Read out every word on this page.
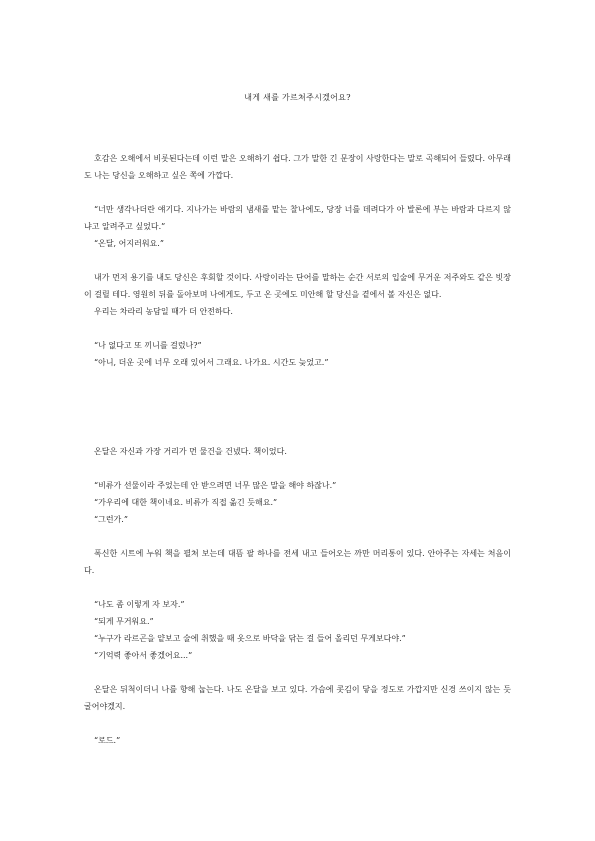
내게 새를 가르쳐주시겠어요?
호감은 오해에서 비롯된다는데 이런 말은 오해하기 쉽다. 그가 말한 긴 문장이 사랑한다는 말로 곡해되어 들렸다. 아무래도 나는 당신을 오해하고 싶은 쪽에 가깝다.
“너만 생각나더란 얘기다. 지나가는 바람의 냄새를 맡는 찰나에도, 당장 너를 데려다가 아 발론에 부는 바람과 다르지 않냐고 알려주고 싶었다.”
“온달, 어지러워요.”
내가 먼저 용기를 내도 당신은 후회할 것이다. 사랑이라는 단어를 말하는 순간 서로의 입술에 무거운 저주와도 같은 빗장이 걸릴 테다. 영원히 뒤를 돌아보며 나에게도, 두고 온 곳에도 미안해 할 당신을 곁에서 볼 자신은 없다.
우리는 차라리 농담일 때가 더 안전하다.
“나 없다고 또 끼니를 걸렀나?”
“아니, 더운 곳에 너무 오래 있어서 그래요. 나가요. 시간도 늦었고.”
온달은 자신과 가장 거리가 먼 물건을 건넸다. 책이었다.
“비류가 선물이라 주었는데 안 받으려면 너무 많은 말을 해야 하잖나.”
“가우리에 대한 책이네요. 비류가 직접 옮긴 듯해요.”
“그런가.”
폭신한 시트에 누워 책을 펼쳐 보는데 대뜸 팔 하나를 전세 내고 들어오는 까만 머리통이 있다. 안아주는 자세는 처음이다.
“나도 좀 이렇게 자 보자.”
“되게 무거워요.”
“누구가 라르곤을 얕보고 술에 취했을 때 옷으로 바닥을 닦는 걸 들어 올리던 무게보다야.”
“기억력 좋아서 좋겠어요...”
온달은 뒤척이더니 나를 향해 눕는다. 나도 온달을 보고 있다. 가슴에 콧김이 닿을 정도로 가깝지만 신경 쓰이지 않는 듯 굴어야겠지.
“로드.”
